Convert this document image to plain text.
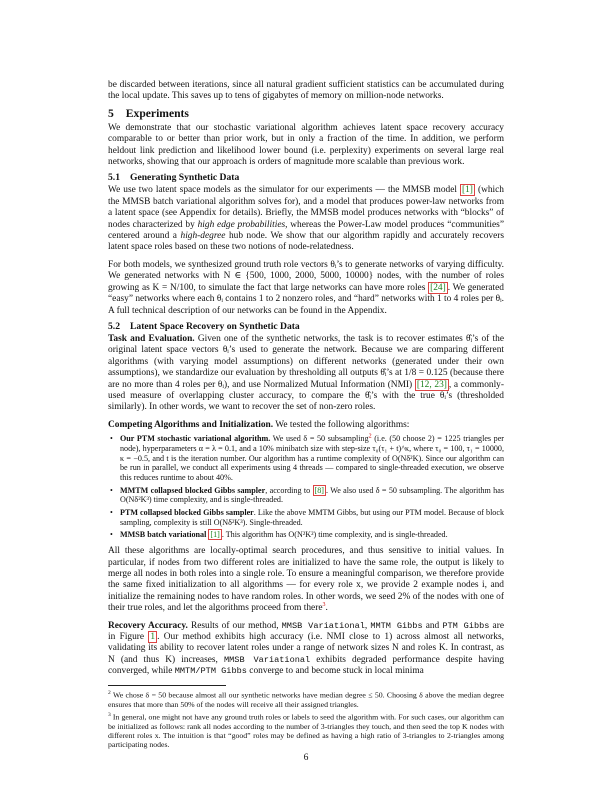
be discarded between iterations, since all natural gradient sufficient statistics can be accumulated during the local update. This saves up to tens of gigabytes of memory on million-node networks.

5 Experiments

We demonstrate that our stochastic variational algorithm achieves latent space recovery accuracy comparable to or better than prior work, but in only a fraction of the time. In addition, we perform heldout link prediction and likelihood lower bound (i.e. perplexity) experiments on several large real networks, showing that our approach is orders of magnitude more scalable than previous work.

5.1 Generating Synthetic Data

We use two latent space models as the simulator for our experiments — the MMSB model [1] (which the MMSB batch variational algorithm solves for), and a model that produces power-law networks from a latent space (see Appendix for details). Briefly, the MMSB model produces networks with “blocks” of nodes characterized by high edge probabilities, whereas the Power-Law model produces “communities” centered around a high-degree hub node. We show that our algorithm rapidly and accurately recovers latent space roles based on these two notions of node-relatedness.

For both models, we synthesized ground truth role vectors θᵢ’s to generate networks of varying difficulty. We generated networks with N ∈ {500, 1000, 2000, 5000, 10000} nodes, with the number of roles growing as K = N/100, to simulate the fact that large networks can have more roles [24] . We generated “easy” networks where each θᵢ contains 1 to 2 nonzero roles, and “hard” networks with 1 to 4 roles per θᵢ. A full technical description of our networks can be found in the Appendix.

5.2 Latent Space Recovery on Synthetic Data

Task and Evaluation. Given one of the synthetic networks, the task is to recover estimates θ̂ᵢ’s of the original latent space vectors θᵢ’s used to generate the network. Because we are comparing different algorithms (with varying model assumptions) on different networks (generated under their own assumptions), we standardize our evaluation by thresholding all outputs θ̂ᵢ’s at 1/8 = 0.125 (because there are no more than 4 roles per θᵢ), and use Normalized Mutual Information (NMI) [12, 23] , a commonly-used measure of overlapping cluster accuracy, to compare the θ̂ᵢ’s with the true θᵢ’s (thresholded similarly). In other words, we want to recover the set of non-zero roles.

Competing Algorithms and Initialization. We tested the following algorithms:

• Our PTM stochastic variational algorithm. We used δ = 50 subsampling$^2$ (i.e. (50 choose 2) = 1225 triangles per node), hyperparameters α = λ = 0.1, and a 10% minibatch size with step-size τ₀(τ₁ + t)^κ, where τ₀ = 100, τ₁ = 10000, κ = −0.5, and t is the iteration number. Our algorithm has a runtime complexity of O(Nδ²K). Since our algorithm can be run in parallel, we conduct all experiments using 4 threads — compared to single-threaded execution, we observe this reduces runtime to about 40%.
• MMTM collapsed blocked Gibbs sampler, according to [8] . We also used δ = 50 subsampling. The algorithm has O(Nδ²K³) time complexity, and is single-threaded.
• PTM collapsed blocked Gibbs sampler. Like the above MMTM Gibbs, but using our PTM model. Because of block sampling, complexity is still O(Nδ²K³). Single-threaded.
• MMSB batch variational [1] . This algorithm has O(N²K²) time complexity, and is single-threaded.

All these algorithms are locally-optimal search procedures, and thus sensitive to initial values. In particular, if nodes from two different roles are initialized to have the same role, the output is likely to merge all nodes in both roles into a single role. To ensure a meaningful comparison, we therefore provide the same fixed initialization to all algorithms — for every role x, we provide 2 example nodes i, and initialize the remaining nodes to have random roles. In other words, we seed 2% of the nodes with one of their true roles, and let the algorithms proceed from there$^3$.

Recovery Accuracy. Results of our method, MMSB Variational, MMTM Gibbs and PTM Gibbs are in Figure 1 . Our method exhibits high accuracy (i.e. NMI close to 1) across almost all networks, validating its ability to recover latent roles under a range of network sizes N and roles K. In contrast, as N (and thus K) increases, MMSB Variational exhibits degraded performance despite having converged, while MMTM/PTM Gibbs converge to and become stuck in local minima

$^2$ We chose δ = 50 because almost all our synthetic networks have median degree ≤ 50. Choosing δ above the median degree ensures that more than 50% of the nodes will receive all their assigned triangles.
$^3$ In general, one might not have any ground truth roles or labels to seed the algorithm with. For such cases, our algorithm can be initialized as follows: rank all nodes according to the number of 3-triangles they touch, and then seed the top K nodes with different roles x. The intuition is that “good” roles may be defined as having a high ratio of 3-triangles to 2-triangles among participating nodes.
6
